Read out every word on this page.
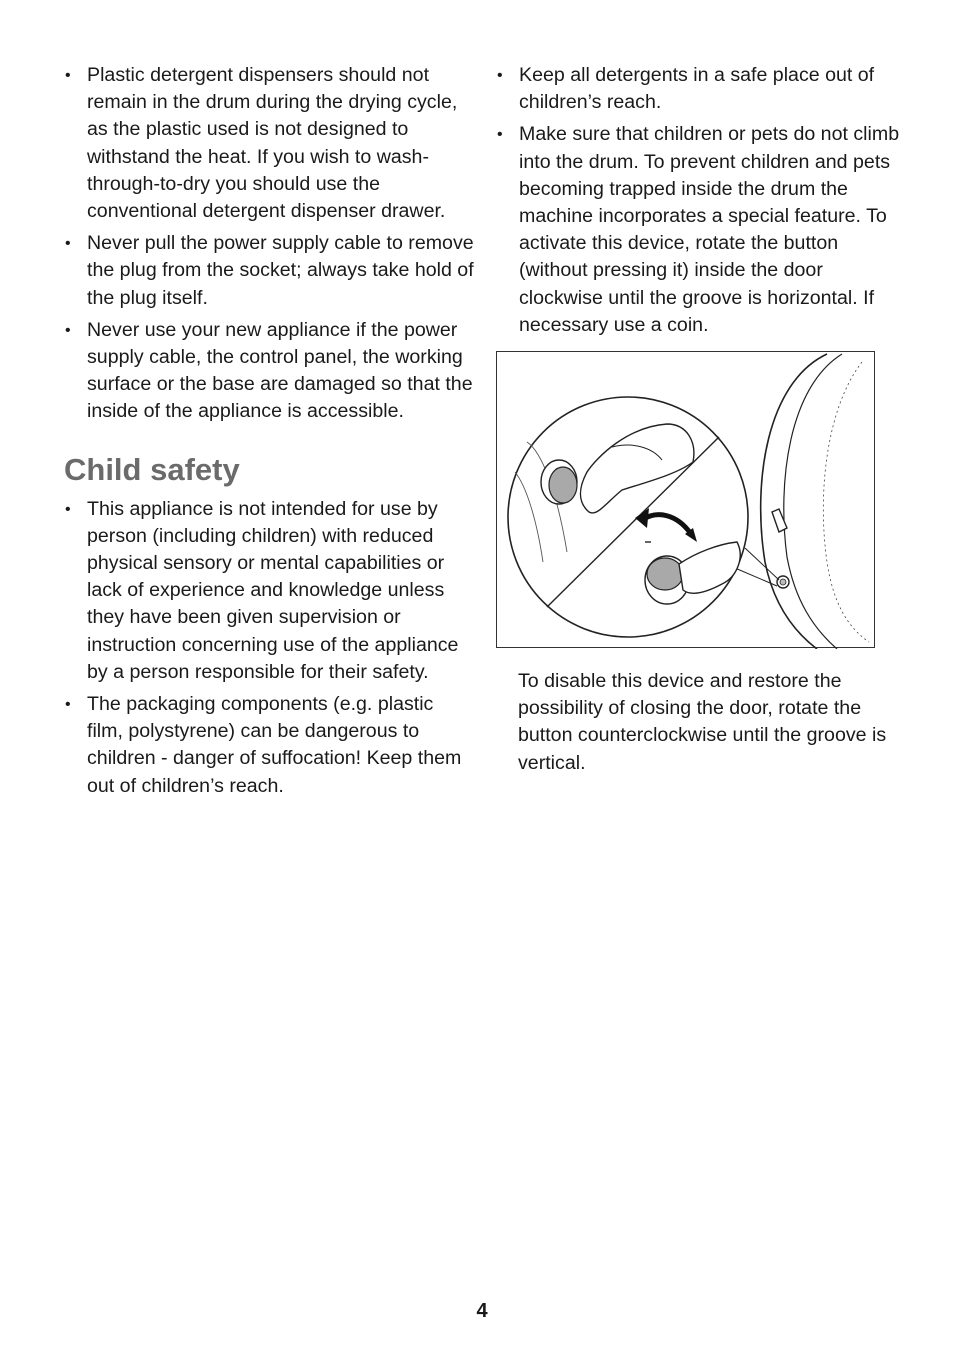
• Plastic detergent dispensers should not remain in the drum during the drying cycle, as the plastic used is not designed to withstand the heat. If you wish to wash-through-to-dry you should use the conventional detergent dispenser drawer.
• Never pull the power supply cable to remove the plug from the socket; always take hold of the plug itself.
• Never use your new appliance if the power supply cable, the control panel, the working surface or the base are damaged so that the inside of the appliance is accessible.
Child safety
• This appliance is not intended for use by person (including children) with reduced physical sensory or mental capabilities or lack of experience and knowledge unless they have been given supervision or instruction concerning use of the appliance by a person responsible for their safety.
• The packaging components (e.g. plastic film, polystyrene) can be dangerous to children - danger of suffocation! Keep them out of children’s reach.
• Keep all detergents in a safe place out of children’s reach.
• Make sure that children or pets do not climb into the drum. To prevent children and pets becoming trapped inside the drum the machine incorporates a special feature. To activate this device, rotate the button (without pressing it) inside the door clockwise until the groove is horizontal. If necessary use a coin.

To disable this device and restore the possibility of closing the door, rotate the button counterclockwise until the groove is vertical.

4
